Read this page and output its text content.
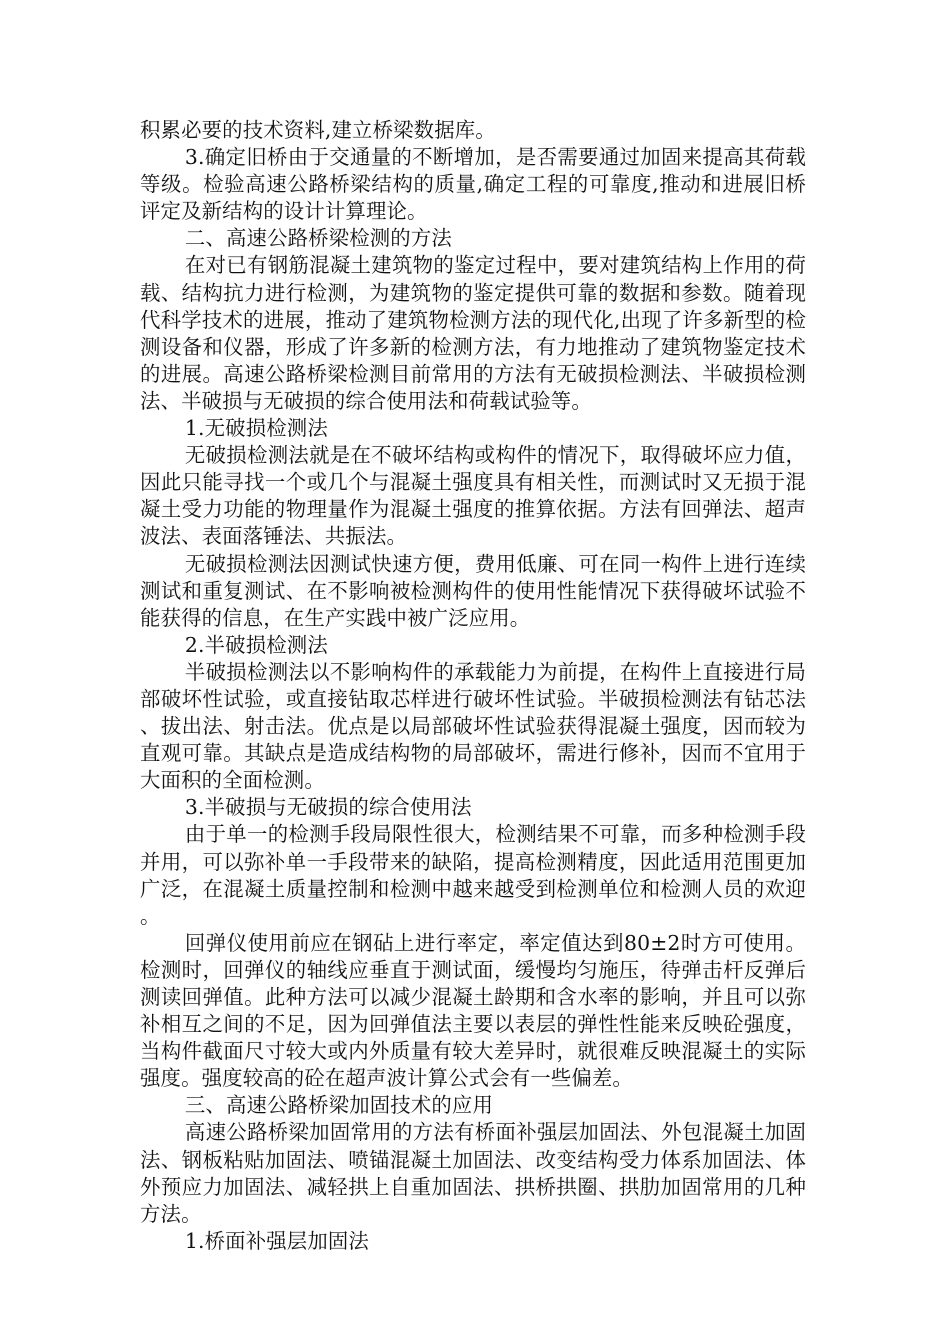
积累必要的技术资料,建立桥梁数据库。

3.确定旧桥由于交通量的不断增加，是否需要通过加固来提高其荷载等级。检验高速公路桥梁结构的质量,确定工程的可靠度,推动和进展旧桥评定及新结构的设计计算理论。

二、高速公路桥梁检测的方法

在对已有钢筋混凝土建筑物的鉴定过程中，要对建筑结构上作用的荷载、结构抗力进行检测，为建筑物的鉴定提供可靠的数据和参数。随着现代科学技术的进展，推动了建筑物检测方法的现代化,出现了许多新型的检测设备和仪器，形成了许多新的检测方法，有力地推动了建筑物鉴定技术的进展。高速公路桥梁检测目前常用的方法有无破损检测法、半破损检测法、半破损与无破损的综合使用法和荷载试验等。

1.无破损检测法

无破损检测法就是在不破坏结构或构件的情况下，取得破坏应力值，因此只能寻找一个或几个与混凝土强度具有相关性，而测试时又无损于混凝土受力功能的物理量作为混凝土强度的推算依据。方法有回弹法、超声波法、表面落锤法、共振法。

无破损检测法因测试快速方便，费用低廉、可在同一构件上进行连续测试和重复测试、在不影响被检测构件的使用性能情况下获得破坏试验不能获得的信息，在生产实践中被广泛应用。

2.半破损检测法

半破损检测法以不影响构件的承载能力为前提，在构件上直接进行局部破坏性试验，或直接钻取芯样进行破坏性试验。半破损检测法有钻芯法、拔出法、射击法。优点是以局部破坏性试验获得混凝土强度，因而较为直观可靠。其缺点是造成结构物的局部破坏，需进行修补，因而不宜用于大面积的全面检测。

3.半破损与无破损的综合使用法

由于单一的检测手段局限性很大，检测结果不可靠，而多种检测手段并用，可以弥补单一手段带来的缺陷，提高检测精度，因此适用范围更加广泛，在混凝土质量控制和检测中越来越受到检测单位和检测人员的欢迎。

回弹仪使用前应在钢砧上进行率定，率定值达到80±2时方可使用。检测时，回弹仪的轴线应垂直于测试面，缓慢均匀施压，待弹击杆反弹后测读回弹值。此种方法可以减少混凝土龄期和含水率的影响，并且可以弥补相互之间的不足，因为回弹值法主要以表层的弹性性能来反映砼强度，当构件截面尺寸较大或内外质量有较大差异时，就很难反映混凝土的实际强度。强度较高的砼在超声波计算公式会有一些偏差。

三、高速公路桥梁加固技术的应用

高速公路桥梁加固常用的方法有桥面补强层加固法、外包混凝土加固法、钢板粘贴加固法、喷锚混凝土加固法、改变结构受力体系加固法、体外预应力加固法、减轻拱上自重加固法、拱桥拱圈、拱肋加固常用的几种方法。

1.桥面补强层加固法
